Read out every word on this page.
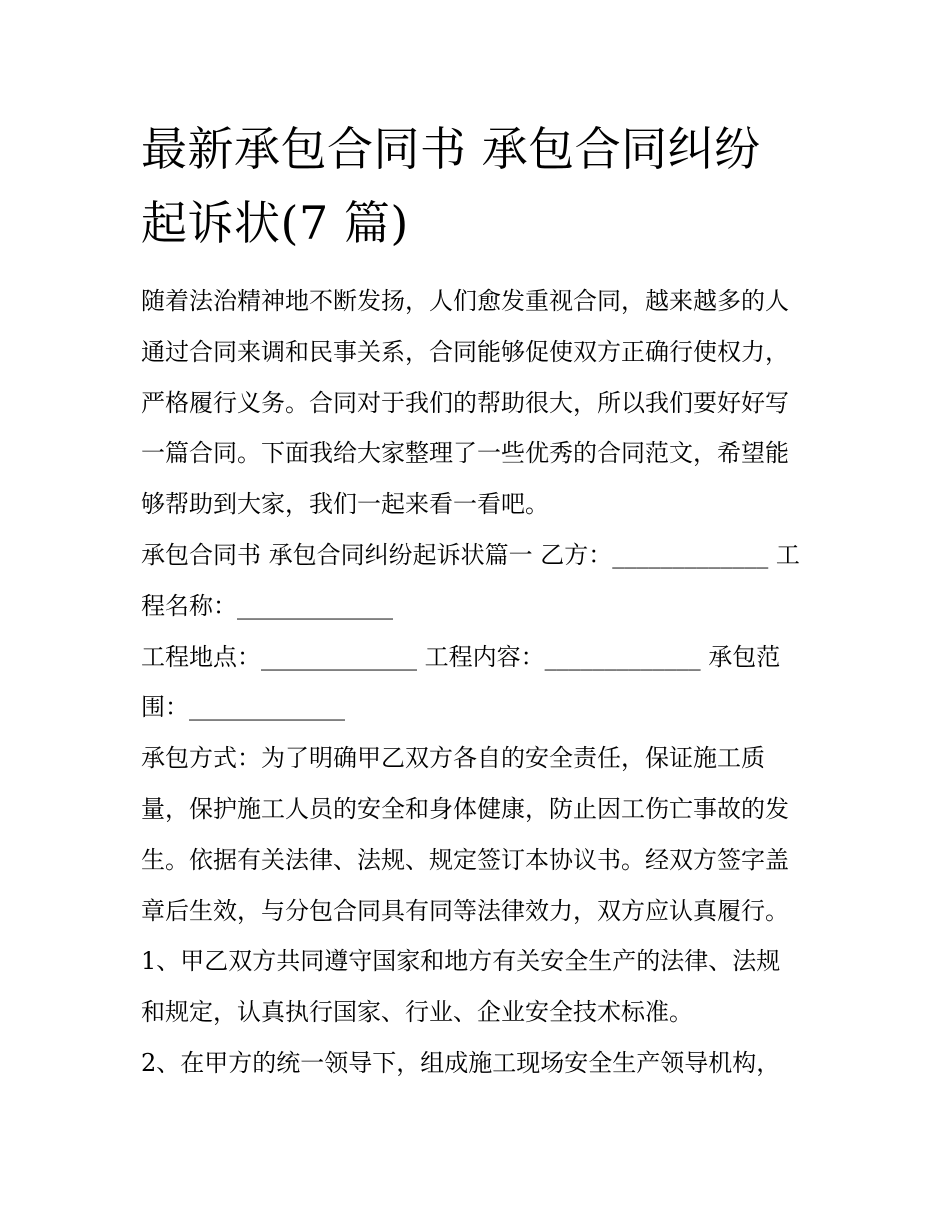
最新承包合同书 承包合同纠纷
起诉状(7 篇)

随着法治精神地不断发扬，人们愈发重视合同，越来越多的人
通过合同来调和民事关系，合同能够促使双方正确行使权力，
严格履行义务。合同对于我们的帮助很大，所以我们要好好写
一篇合同。下面我给大家整理了一些优秀的合同范文，希望能
够帮助到大家，我们一起来看一看吧。

承包合同书 承包合同纠纷起诉状篇一 乙方：_____________ 工
程名称：_____________

工程地点：_____________ 工程内容：_____________ 承包范
围：_____________

承包方式：为了明确甲乙双方各自的安全责任，保证施工质
量，保护施工人员的安全和身体健康，防止因工伤亡事故的发
生。依据有关法律、法规、规定签订本协议书。经双方签字盖
章后生效，与分包合同具有同等法律效力，双方应认真履行。

1、甲乙双方共同遵守国家和地方有关安全生产的法律、法规
和规定，认真执行国家、行业、企业安全技术标准。

2、在甲方的统一领导下，组成施工现场安全生产领导机构，
